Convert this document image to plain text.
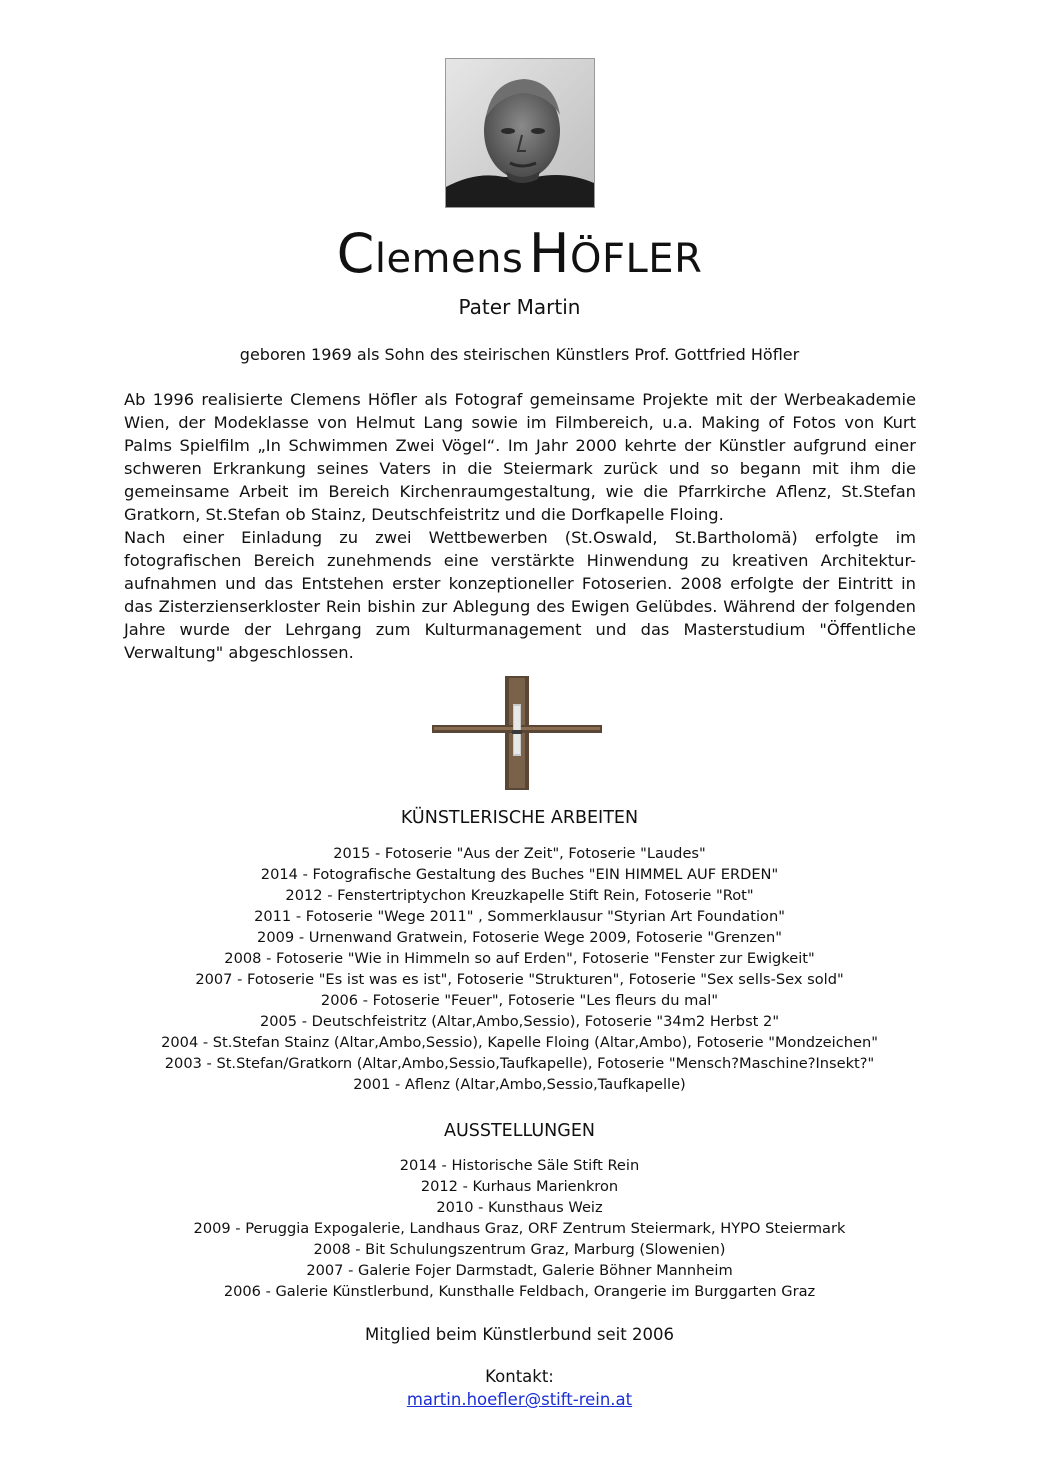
Clemens HÖFLER
Pater Martin
geboren 1969 als Sohn des steirischen Künstlers Prof. Gottfried Höfler

Ab 1996 realisierte Clemens Höfler als Fotograf gemeinsame Projekte mit der Werbeakademie Wien, der Modeklasse von Helmut Lang sowie im Filmbereich, u.a. Making of Fotos von Kurt Palms Spielfilm „In Schwimmen Zwei Vögel“. Im Jahr 2000 kehrte der Künstler aufgrund einer schweren Erkrankung seines Vaters in die Steiermark zurück und so begann mit ihm die gemeinsame Arbeit im Bereich Kirchenraumgestaltung, wie die Pfarrkirche Aflenz, St.Stefan Gratkorn, St.Stefan ob Stainz, Deutschfeistritz und die Dorfkapelle Floing.

Nach einer Einladung zu zwei Wettbewerben (St.Oswald, St.Bartholomä) erfolgte im fotografischen Bereich zunehmends eine verstärkte Hinwendung zu kreativen Architektur-aufnahmen und das Entstehen erster konzeptioneller Fotoserien. 2008 erfolgte der Eintritt in das Zisterzienserkloster Rein bishin zur Ablegung des Ewigen Gelübdes. Während der folgenden Jahre wurde der Lehrgang zum Kulturmanagement und das Masterstudium "Öffentliche Verwaltung" abgeschlossen.

KÜNSTLERISCHE ARBEITEN
2015 - Fotoserie "Aus der Zeit", Fotoserie "Laudes"
2014 - Fotografische Gestaltung des Buches "EIN HIMMEL AUF ERDEN"
2012 - Fenstertriptychon Kreuzkapelle Stift Rein, Fotoserie "Rot"
2011 - Fotoserie "Wege 2011" , Sommerklausur "Styrian Art Foundation"
2009 - Urnenwand Gratwein, Fotoserie Wege 2009, Fotoserie "Grenzen"
2008 - Fotoserie "Wie in Himmeln so auf Erden", Fotoserie "Fenster zur Ewigkeit"
2007 - Fotoserie "Es ist was es ist", Fotoserie "Strukturen", Fotoserie "Sex sells-Sex sold"
2006 - Fotoserie "Feuer", Fotoserie "Les fleurs du mal"
2005 - Deutschfeistritz (Altar,Ambo,Sessio), Fotoserie "34m2 Herbst 2"
2004 - St.Stefan Stainz (Altar,Ambo,Sessio), Kapelle Floing (Altar,Ambo), Fotoserie "Mondzeichen"
2003 - St.Stefan/Gratkorn (Altar,Ambo,Sessio,Taufkapelle), Fotoserie "Mensch?Maschine?Insekt?"
2001 - Aflenz (Altar,Ambo,Sessio,Taufkapelle)
AUSSTELLUNGEN
2014 - Historische Säle Stift Rein
2012 - Kurhaus Marienkron
2010 - Kunsthaus Weiz
2009 - Peruggia Expogalerie, Landhaus Graz, ORF Zentrum Steiermark, HYPO Steiermark
2008 - Bit Schulungszentrum Graz, Marburg (Slowenien)
2007 - Galerie Fojer Darmstadt, Galerie Böhner Mannheim
2006 - Galerie Künstlerbund, Kunsthalle Feldbach, Orangerie im Burggarten Graz
Mitglied beim Künstlerbund seit 2006
Kontakt:
martin.hoefler@stift-rein.at
